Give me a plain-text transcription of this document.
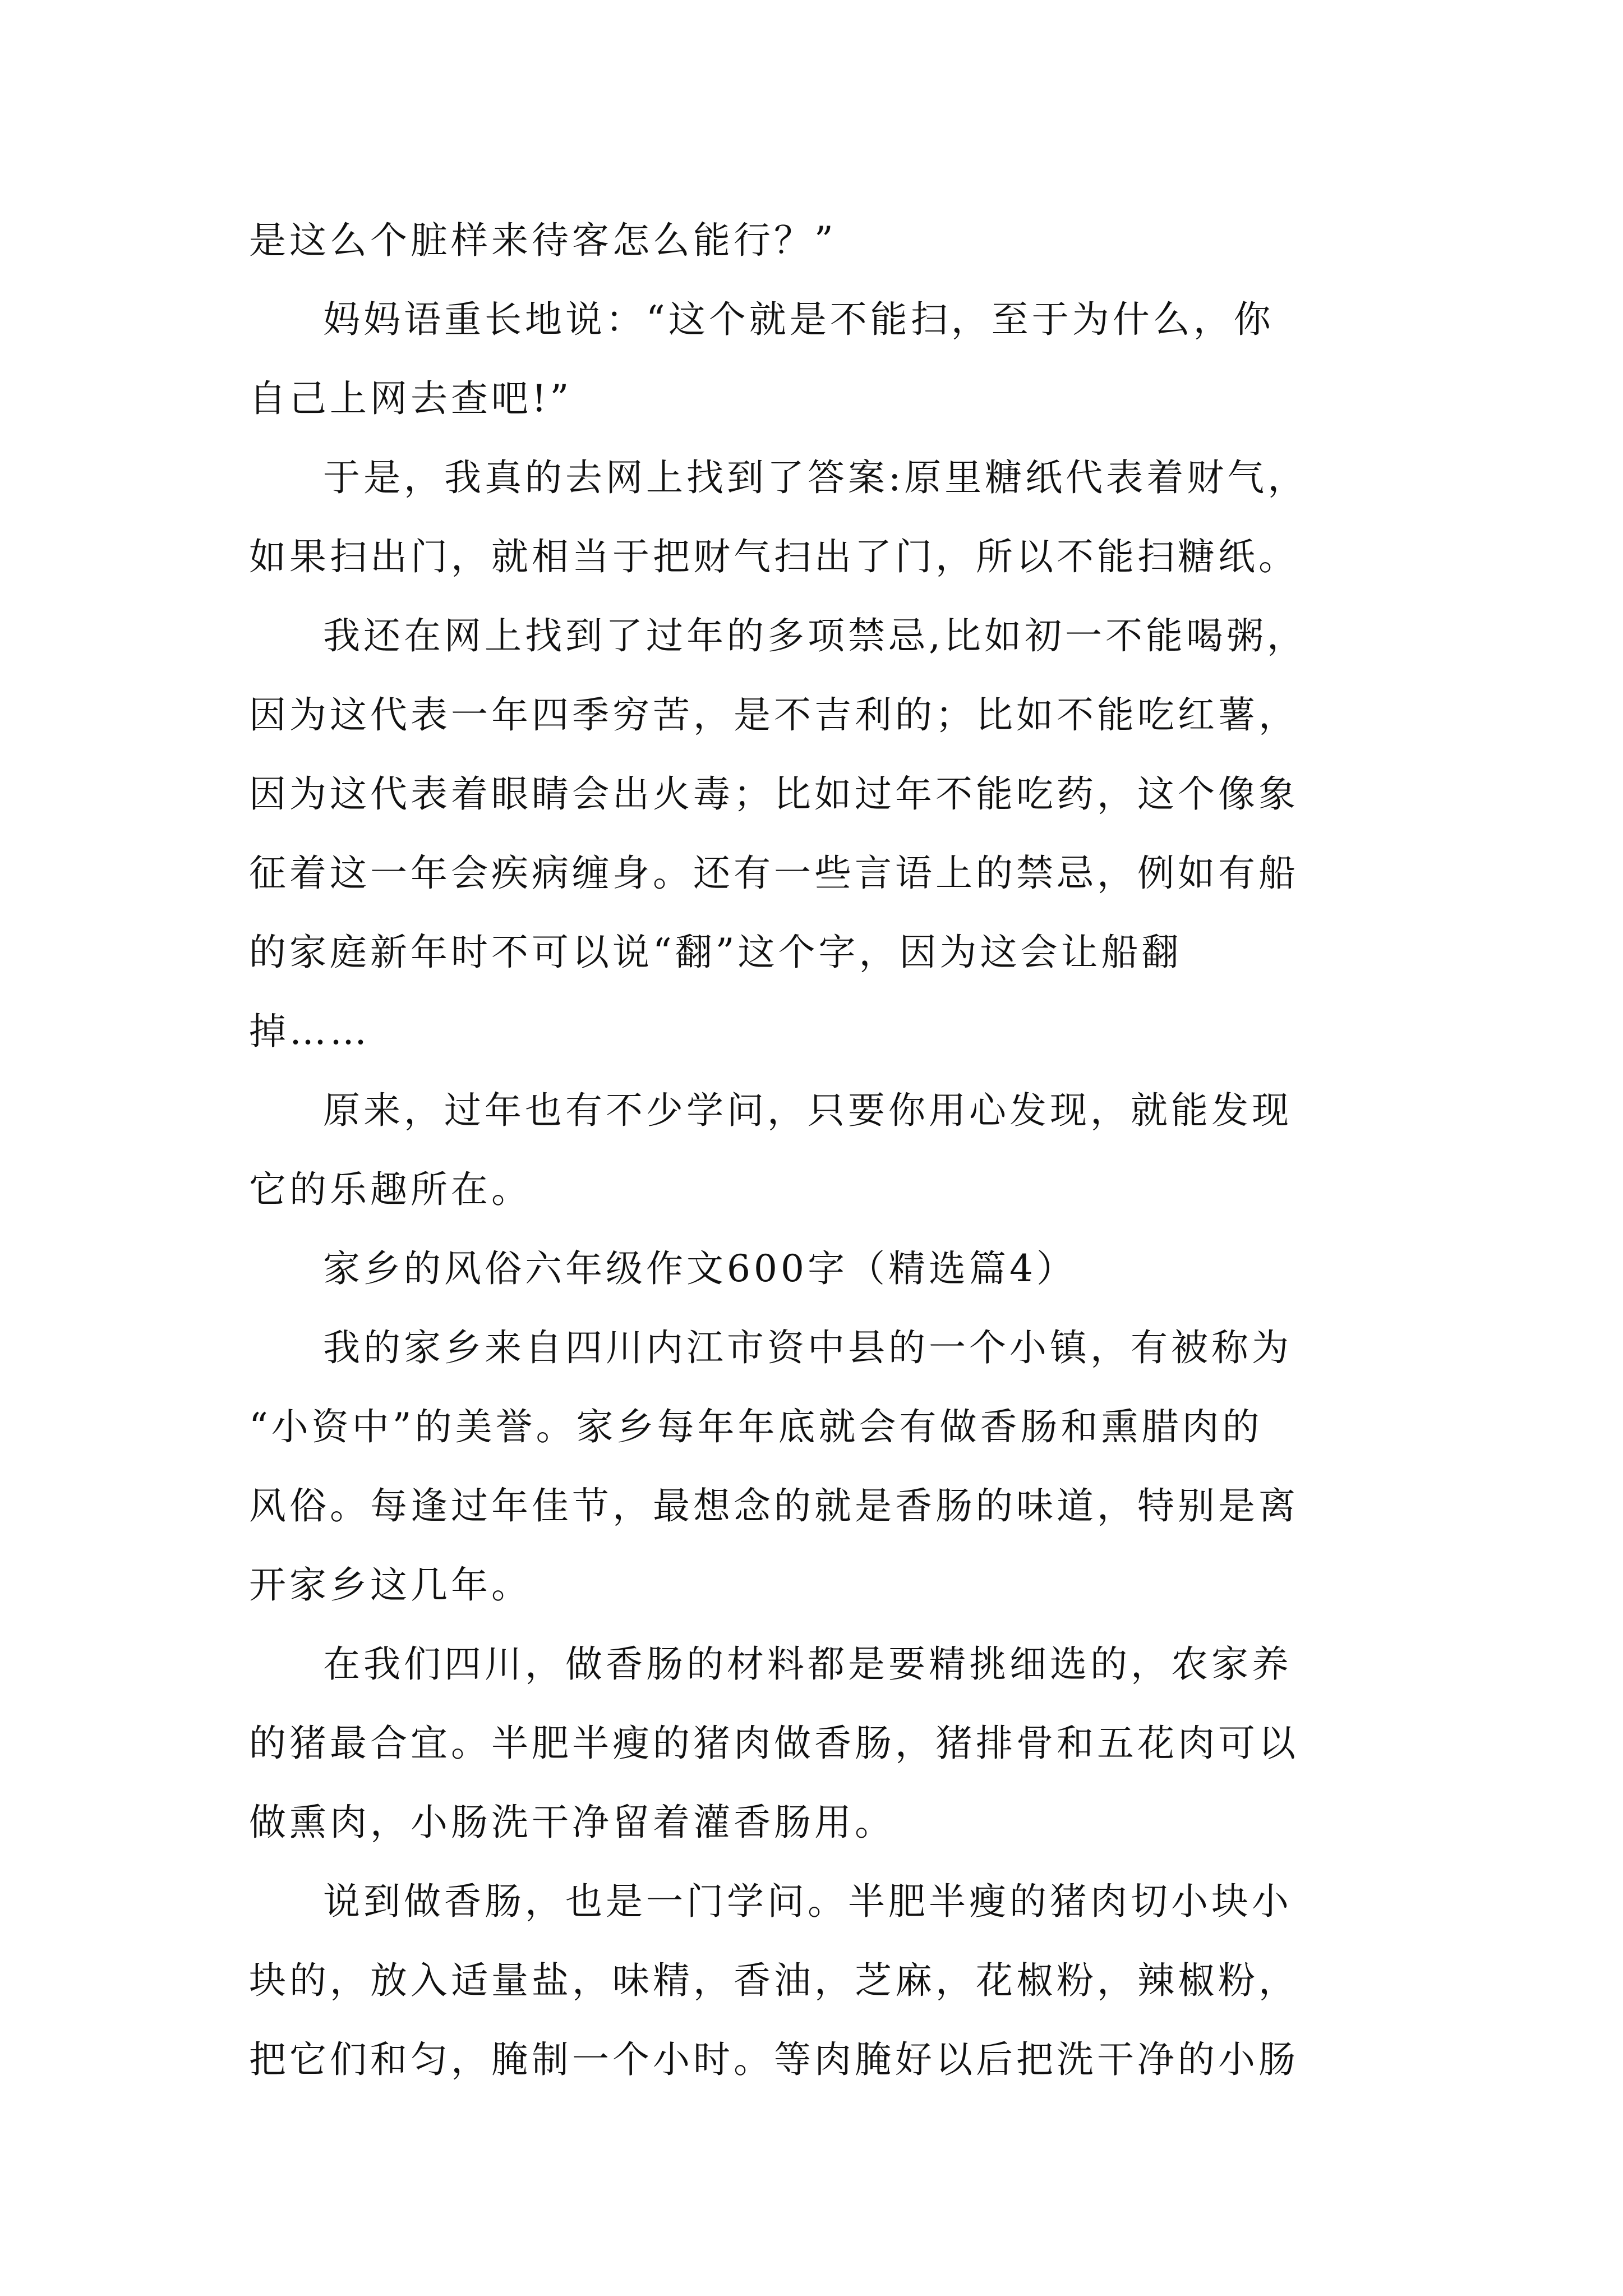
是这么个脏样来待客怎么能行？”

妈妈语重长地说：“这个就是不能扫，至于为什么，你
自己上网去查吧!”

于是，我真的去网上找到了答案:原里糖纸代表着财气，
如果扫出门，就相当于把财气扫出了门，所以不能扫糖纸。

我还在网上找到了过年的多项禁忌,比如初一不能喝粥，
因为这代表一年四季穷苦，是不吉利的；比如不能吃红薯，
因为这代表着眼睛会出火毒；比如过年不能吃药，这个像象
征着这一年会疾病缠身。还有一些言语上的禁忌，例如有船
的家庭新年时不可以说“翻”这个字，因为这会让船翻
掉……

原来，过年也有不少学问，只要你用心发现，就能发现
它的乐趣所在。

家乡的风俗六年级作文600字（精选篇4）

我的家乡来自四川内江市资中县的一个小镇，有被称为
“小资中”的美誉。家乡每年年底就会有做香肠和熏腊肉的
风俗。每逢过年佳节，最想念的就是香肠的味道，特别是离
开家乡这几年。

在我们四川，做香肠的材料都是要精挑细选的，农家养
的猪最合宜。半肥半瘦的猪肉做香肠，猪排骨和五花肉可以
做熏肉，小肠洗干净留着灌香肠用。

说到做香肠，也是一门学问。半肥半瘦的猪肉切小块小
块的，放入适量盐，味精，香油，芝麻，花椒粉，辣椒粉，
把它们和匀，腌制一个小时。等肉腌好以后把洗干净的小肠
